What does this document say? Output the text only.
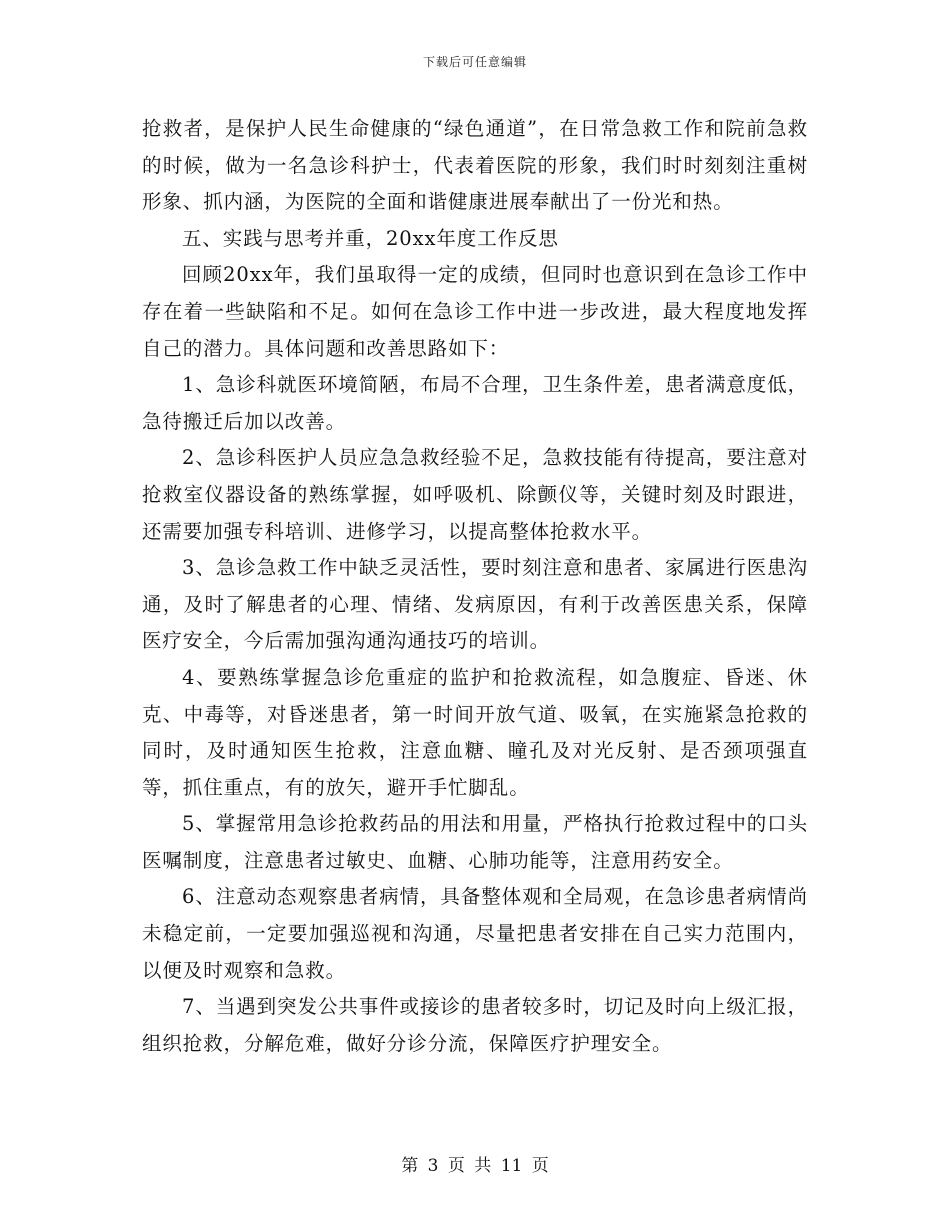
下载后可任意编辑

抢救者，是保护人民生命健康的“绿色通道”，在日常急救工作和院前急救的时候，做为一名急诊科护士，代表着医院的形象，我们时时刻刻注重树形象、抓内涵，为医院的全面和谐健康进展奉献出了一份光和热。

五、实践与思考并重，20xx年度工作反思

回顾20xx年，我们虽取得一定的成绩，但同时也意识到在急诊工作中存在着一些缺陷和不足。如何在急诊工作中进一步改进，最大程度地发挥自己的潜力。具体问题和改善思路如下：

1、急诊科就医环境简陋，布局不合理，卫生条件差，患者满意度低，急待搬迁后加以改善。

2、急诊科医护人员应急急救经验不足，急救技能有待提高，要注意对抢救室仪器设备的熟练掌握，如呼吸机、除颤仪等，关键时刻及时跟进，还需要加强专科培训、进修学习，以提高整体抢救水平。

3、急诊急救工作中缺乏灵活性，要时刻注意和患者、家属进行医患沟通，及时了解患者的心理、情绪、发病原因，有利于改善医患关系，保障医疗安全，今后需加强沟通沟通技巧的培训。

4、要熟练掌握急诊危重症的监护和抢救流程，如急腹症、昏迷、休克、中毒等，对昏迷患者，第一时间开放气道、吸氧，在实施紧急抢救的同时，及时通知医生抢救，注意血糖、瞳孔及对光反射、是否颈项强直等，抓住重点，有的放矢，避开手忙脚乱。

5、掌握常用急诊抢救药品的用法和用量，严格执行抢救过程中的口头医嘱制度，注意患者过敏史、血糖、心肺功能等，注意用药安全。

6、注意动态观察患者病情，具备整体观和全局观，在急诊患者病情尚未稳定前，一定要加强巡视和沟通，尽量把患者安排在自己实力范围内，以便及时观察和急救。

7、当遇到突发公共事件或接诊的患者较多时，切记及时向上级汇报，组织抢救，分解危难，做好分诊分流，保障医疗护理安全。

第 3 页 共 11 页
